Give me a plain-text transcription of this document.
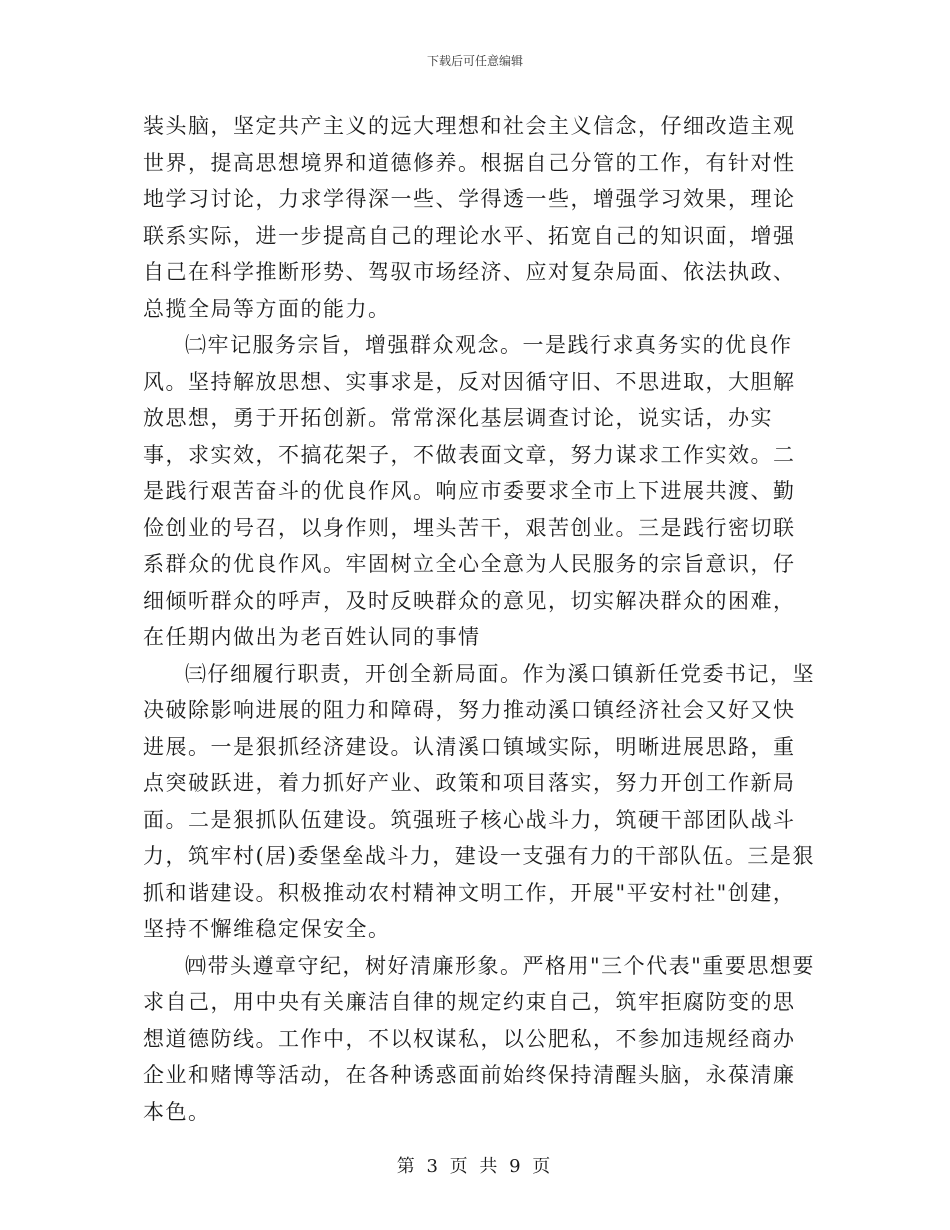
下载后可任意编辑

装头脑，坚定共产主义的远大理想和社会主义信念，仔细改造主观世界，提高思想境界和道德修养。根据自己分管的工作，有针对性地学习讨论，力求学得深一些、学得透一些，增强学习效果，理论联系实际，进一步提高自己的理论水平、拓宽自己的知识面，增强自己在科学推断形势、驾驭市场经济、应对复杂局面、依法执政、总揽全局等方面的能力。

㈡牢记服务宗旨，增强群众观念。一是践行求真务实的优良作风。坚持解放思想、实事求是，反对因循守旧、不思进取，大胆解放思想，勇于开拓创新。常常深化基层调查讨论，说实话，办实事，求实效，不搞花架子，不做表面文章，努力谋求工作实效。二是践行艰苦奋斗的优良作风。响应市委要求全市上下进展共渡、勤俭创业的号召，以身作则，埋头苦干，艰苦创业。三是践行密切联系群众的优良作风。牢固树立全心全意为人民服务的宗旨意识，仔细倾听群众的呼声，及时反映群众的意见，切实解决群众的困难，在任期内做出为老百姓认同的事情

㈢仔细履行职责，开创全新局面。作为溪口镇新任党委书记，坚决破除影响进展的阻力和障碍，努力推动溪口镇经济社会又好又快进展。一是狠抓经济建设。认清溪口镇域实际，明晰进展思路，重点突破跃进，着力抓好产业、政策和项目落实，努力开创工作新局面。二是狠抓队伍建设。筑强班子核心战斗力，筑硬干部团队战斗力，筑牢村(居)委堡垒战斗力，建设一支强有力的干部队伍。三是狠抓和谐建设。积极推动农村精神文明工作，开展"平安村社"创建，坚持不懈维稳定保安全。

㈣带头遵章守纪，树好清廉形象。严格用"三个代表"重要思想要求自己，用中央有关廉洁自律的规定约束自己，筑牢拒腐防变的思想道德防线。工作中，不以权谋私，以公肥私，不参加违规经商办企业和赌博等活动，在各种诱惑面前始终保持清醒头脑，永葆清廉本色。

第 3 页 共 9 页
